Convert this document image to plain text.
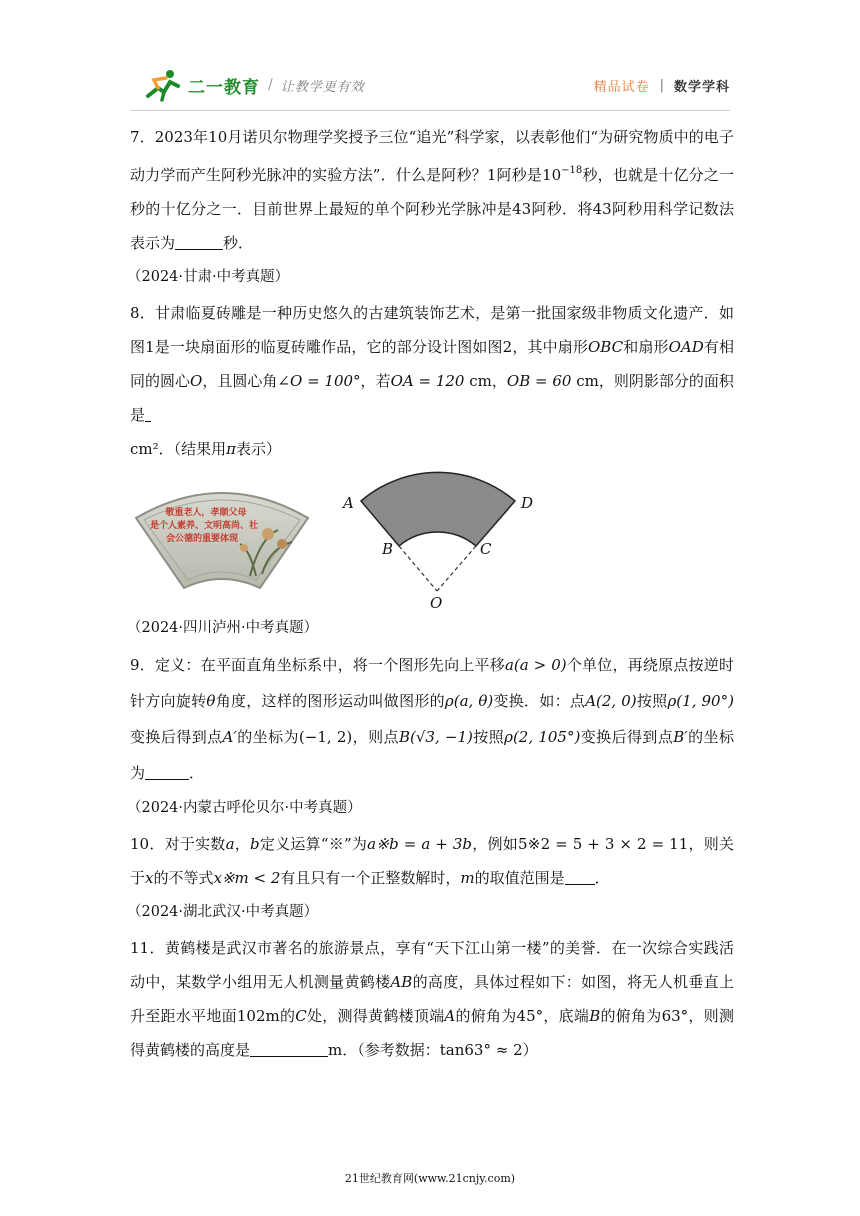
二一教育 / 让教学更有效	精品试卷 | 数学学科

7．2023年10月诺贝尔物理学奖授予三位“追光”科学家，以表彰他们“为研究物质中的电子动力学而产生阿秒光脉冲的实验方法”．什么是阿秒？1阿秒是$10^{-18}$秒，也就是十亿分之一秒的十亿分之一．目前世界上最短的单个阿秒光学脉冲是43阿秒．将43阿秒用科学记数法表示为	秒．

（2024·甘肃·中考真题）

8．甘肃临夏砖雕是一种历史悠久的古建筑装饰艺术，是第一批国家级非物质文化遗产．如图1是一块扇面形的临夏砖雕作品，它的部分设计图如图2，其中扇形OBC和扇形OAD有相同的圆心O，且圆心角∠O = 100°，若OA = 120 cm，OB = 60 cm，则阴影部分的面积是
cm²．（结果用π表示）

敬重老人，孝顺父母
是个人素养、文明高尚、社
会公德的重要体现
A	D
B	C
O

（2024·四川泸州·中考真题）

9．定义：在平面直角坐标系中，将一个图形先向上平移a(a > 0)个单位，再绕原点按逆时针方向旋转θ角度，这样的图形运动叫做图形的ρ(a, θ)变换．如：点A(2, 0)按照ρ(1, 90°)变换后得到点A′的坐标为(−1, 2)，则点B(√3, −1)按照ρ(2, 105°)变换后得到点B′的坐标为	．

（2024·内蒙古呼伦贝尔·中考真题）

10．对于实数a，b定义运算“※”为a※b = a + 3b，例如5※2 = 5 + 3 × 2 = 11，则关于x的不等式x※m < 2有且只有一个正整数解时，m的取值范围是 ．

（2024·湖北武汉·中考真题）

11．黄鹤楼是武汉市著名的旅游景点，享有“天下江山第一楼”的美誉．在一次综合实践活动中，某数学小组用无人机测量黄鹤楼AB的高度，具体过程如下：如图，将无人机垂直上升至距水平地面102m的C处，测得黄鹤楼顶端A的俯角为45°，底端B的俯角为63°，则测得黄鹤楼的高度是	m．（参考数据：tan63° ≈ 2）

21世纪教育网(www.21cnjy.com)
